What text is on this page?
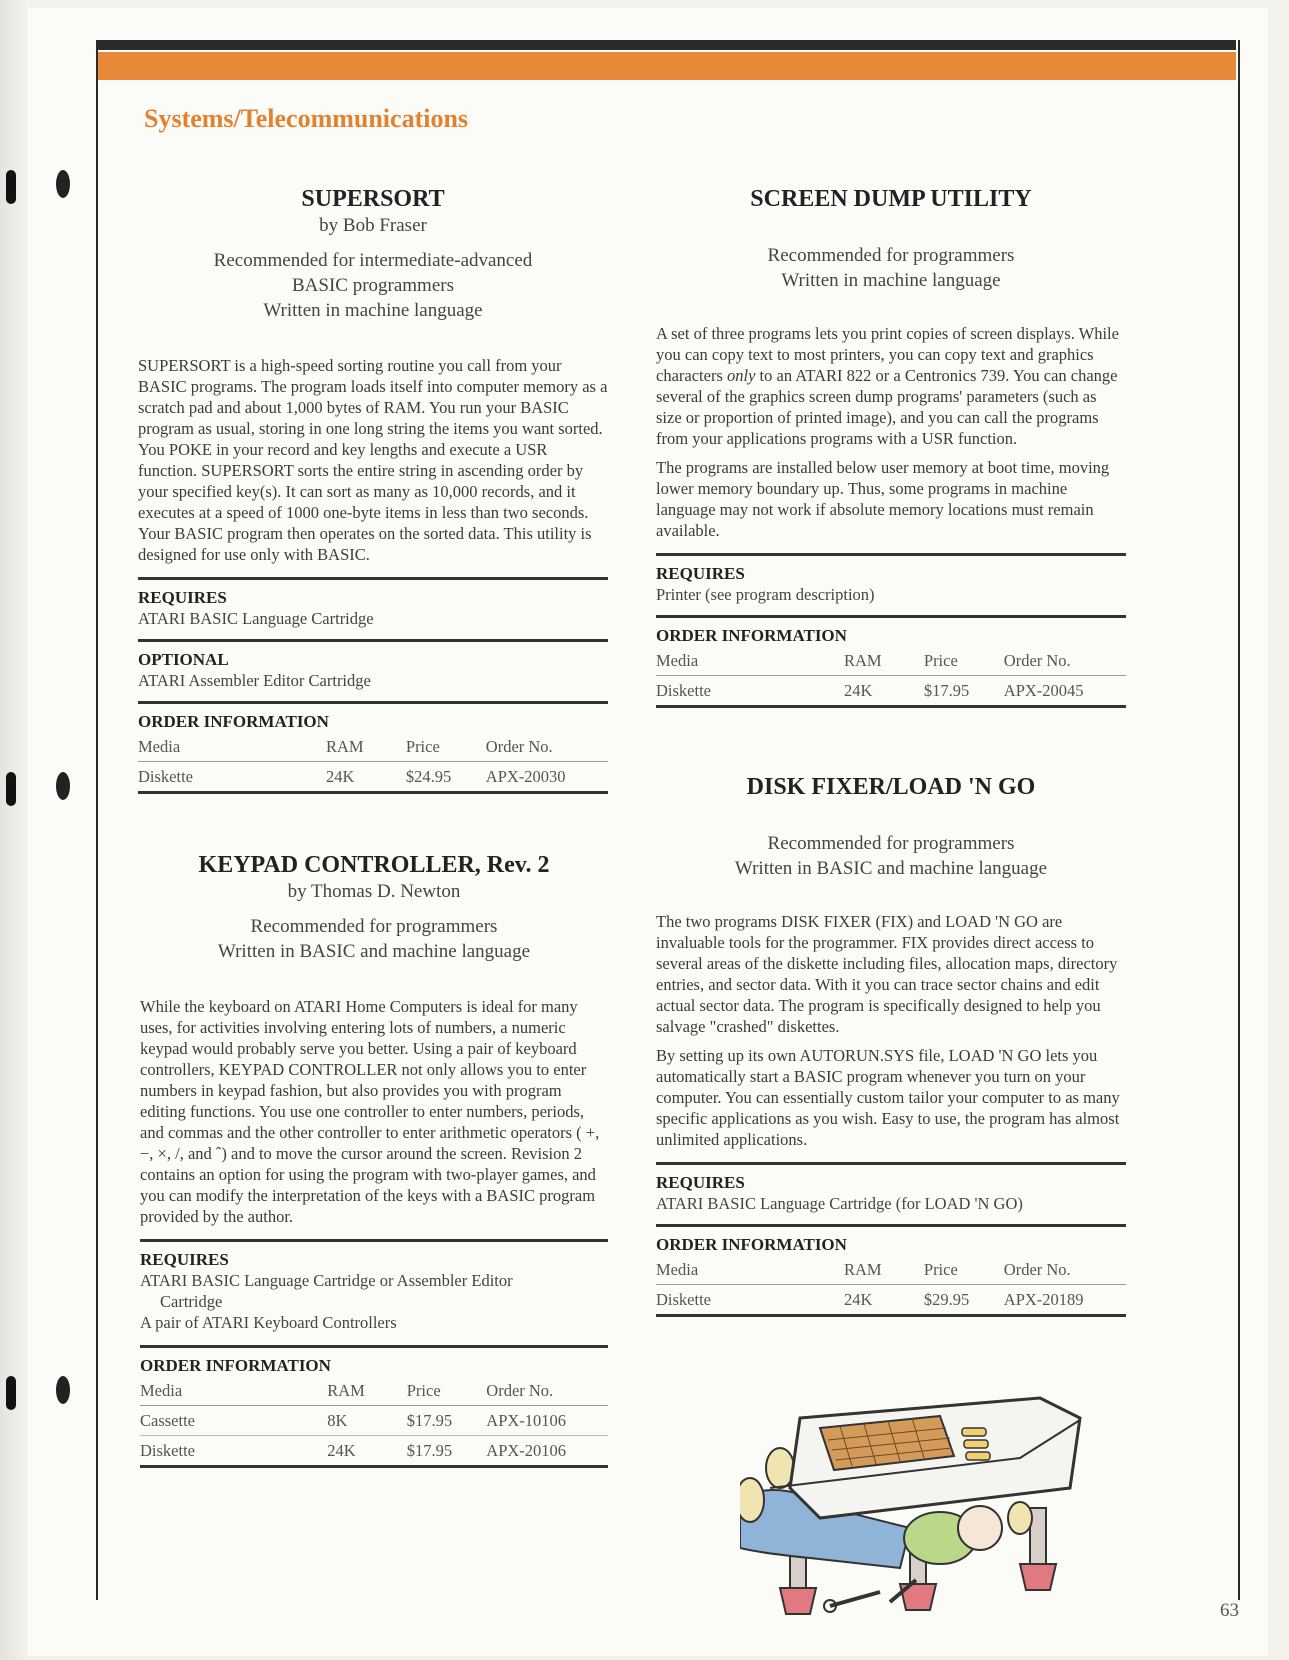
Systems/Telecommunications

SUPERSORT

by Bob Fraser

Recommended for intermediate-advanced

BASIC programmers

Written in machine language

SUPERSORT is a high-speed sorting routine you call from your BASIC programs. The program loads itself into computer memory as a scratch pad and about 1,000 bytes of RAM. You run your BASIC program as usual, storing in one long string the items you want sorted. You POKE in your record and key lengths and execute a USR function. SUPERSORT sorts the entire string in ascending order by your specified key(s). It can sort as many as 10,000 records, and it executes at a speed of 1000 one-byte items in less than two seconds. Your BASIC program then operates on the sorted data. This utility is designed for use only with BASIC.

REQUIRES

ATARI BASIC Language Cartridge

OPTIONAL

ATARI Assembler Editor Cartridge

ORDER INFORMATION

Media	RAM	Price	Order No.
Diskette	24K	$24.95	APX-20030

KEYPAD CONTROLLER, Rev. 2

by Thomas D. Newton

Recommended for programmers

Written in BASIC and machine language

While the keyboard on ATARI Home Computers is ideal for many uses, for activities involving entering lots of numbers, a numeric keypad would probably serve you better. Using a pair of keyboard controllers, KEYPAD CONTROLLER not only allows you to enter numbers in keypad fashion, but also provides you with program editing functions. You use one controller to enter numbers, periods, and commas and the other controller to enter arithmetic operators ( +, −, ×, /, and ˆ) and to move the cursor around the screen. Revision 2 contains an option for using the program with two-player games, and you can modify the interpretation of the keys with a BASIC program provided by the author.

REQUIRES

ATARI BASIC Language Cartridge or Assembler Editor

Cartridge

A pair of ATARI Keyboard Controllers

ORDER INFORMATION

Media	RAM	Price	Order No.
Cassette	8K	$17.95	APX-10106
Diskette	24K	$17.95	APX-20106

SCREEN DUMP UTILITY

Recommended for programmers

Written in machine language

A set of three programs lets you print copies of screen displays. While you can copy text to most printers, you can copy text and graphics characters only to an ATARI 822 or a Centronics 739. You can change several of the graphics screen dump programs' parameters (such as size or proportion of printed image), and you can call the programs from your applications programs with a USR function.

The programs are installed below user memory at boot time, moving lower memory boundary up. Thus, some programs in machine language may not work if absolute memory locations must remain available.

REQUIRES

Printer (see program description)

ORDER INFORMATION

Media	RAM	Price	Order No.
Diskette	24K	$17.95	APX-20045

DISK FIXER/LOAD 'N GO

Recommended for programmers

Written in BASIC and machine language

The two programs DISK FIXER (FIX) and LOAD 'N GO are invaluable tools for the programmer. FIX provides direct access to several areas of the diskette including files, allocation maps, directory entries, and sector data. With it you can trace sector chains and edit actual sector data. The program is specifically designed to help you salvage "crashed" diskettes.

By setting up its own AUTORUN.SYS file, LOAD 'N GO lets you automatically start a BASIC program whenever you turn on your computer. You can essentially custom tailor your computer to as many specific applications as you wish. Easy to use, the program has almost unlimited applications.

REQUIRES

ATARI BASIC Language Cartridge (for LOAD 'N GO)

ORDER INFORMATION

Media	RAM	Price	Order No.
Diskette	24K	$29.95	APX-20189
63
